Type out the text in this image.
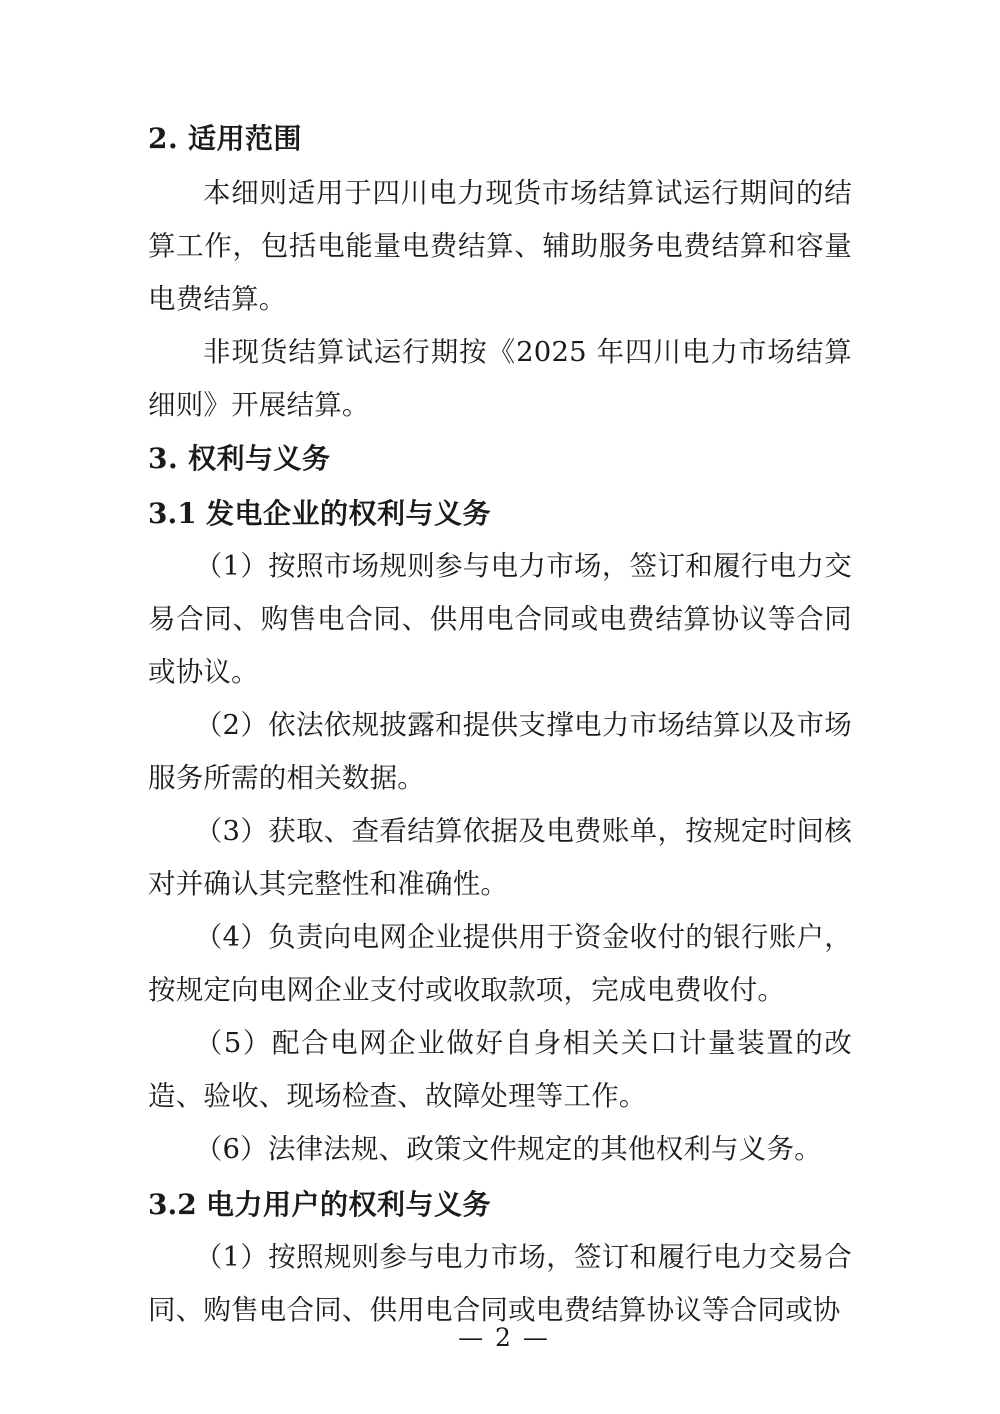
2. 适用范围

本细则适用于四川电力现货市场结算试运行期间的结算工作，包括电能量电费结算、辅助服务电费结算和容量电费结算。

非现货结算试运行期按《2025 年四川电力市场结算细则》开展结算。

3. 权利与义务
3.1 发电企业的权利与义务

（1）按照市场规则参与电力市场，签订和履行电力交易合同、购售电合同、供用电合同或电费结算协议等合同或协议。

（2）依法依规披露和提供支撑电力市场结算以及市场服务所需的相关数据。

（3）获取、查看结算依据及电费账单，按规定时间核对并确认其完整性和准确性。

（4）负责向电网企业提供用于资金收付的银行账户，按规定向电网企业支付或收取款项，完成电费收付。

（5）配合电网企业做好自身相关关口计量装置的改造、验收、现场检查、故障处理等工作。

（6）法律法规、政策文件规定的其他权利与义务。

3.2 电力用户的权利与义务

（1）按照规则参与电力市场，签订和履行电力交易合同、购售电合同、供用电合同或电费结算协议等合同或协

— 2 —
